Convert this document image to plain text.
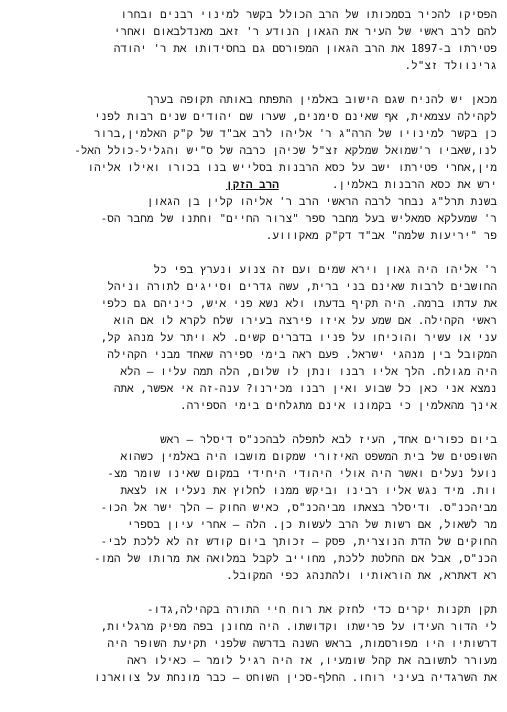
הפסיקו להכיר בסמכותו של הרב הכולל בקשר למינוי רבנים ובחרו
להם לרב ראשי של העיר את הגאון הנודע ר' זאב מאנדלבאום ואחרי
פטירתו ב-1897 את הרב הגאון המפורסם גם בחסידותו את ר' יהודה
גרינוולד זצ"ל.
מכאן יש להניח שגם הישוב באלמין התפתח באותה תקופה בערך
לקהילה עצמאית, אף שאינם סימנים, שערו שם יהודים שנים רבות לפני
כן בקשר למינויו של הרה"ג ר' אליהו לרב אב"ד של ק"ק האלמין,ברור
לנו,שאביו ר'שמואל שמלקא זצ"ל שכיהן כרבה של ס"יש והגליל-כולל האל-
מין,אחרי פטירתו ישב על כסא הרבנות בסלייש בנו בכורו ואילו אליהו
ירש את כסא הרבנות באלמין.        הרב הזקן
בשנת תרל"ג נבחר לרבה הראשי הרב ר' אליהו קלין בן הגאון
ר' שמעלקא סמאליש בעל מחבר ספר "צרור החיים" וחתנו של מחבר הס-
פר "יריעות שלמה" אב"ד דק"ק מאקוווע.
ר' אליהו היה גאון וירא שמים ועם זה צנוע ונערץ בפי כל
החושבים לרבות שאינם בני ברית, עשה גדרים וסייגים לתורה וניהל
את עדתו ברמה. היה תקיף בדעתו ולא נשא פני איש, כיניהם גם כלפי
ראשי הקהילה. אם שמע על איזו פירצה בעירו שלח לקרא לו אם הוא
עני או עשיר והוכיחו על פניו בדברים קשים. לא ויתר על מנהג קל,
המקובל בין מנהגי ישראל. פעם ראה בימי ספירה שאחד מבני הקהילה
היה מגולח. הלך אליו רבנו ונתן לו שלום, הלה תמה עליו – הלא
נמצא אני כאן כל שבוע ואין רבנו מכירנו? ענה-זה אי אפשר, אתה
אינך מהאלמין כי בקמונו אינם מתגלחים בימי הספירה.
ביום כפורים אחד, העיז לבא לתפלה לבהכנ"ס דיסלר – ראש
השופטים של בית המשפט האיזורי שמקום מושבו היה באלמין כשהוא
נועל נעלים ואשר היה אולי היהודי היחידי במקום שאינו שומר מצ-
וות. מיד נגש אליו רבינו וביקש ממנו לחלוץ את נעליו או לצאת
מביהכנ"ס. ודיסלר בצאתו מביהכנ"ס, כאיש החוק – הלך ישר אל הכו-
מר לשאול, אם רשות של הרב לעשות כן. הלה – אחרי עיון בספרי
החוקים של הדת הנוצרית, פסק – זכותך ביום קודש זה לא ללכת לבי-
הכנ"ס, אבל אם החלטת ללכת, מחוייב לקבל במלואה את מרותו של המו-
רא דאתרא, את הוראותיו ולהתנהג כפי המקובל.
תקן תקנות יקרים כדי לחזק את רוח חיי התורה בקהילה,גדו-
לי הדור העידו על פרישתו וקדושתו. היה מחונן בפה מפיק מרגליות,
דרשותיו היו מפורסמות, בראש השנה בדרשה שלפני תקיעת השופר היה
מעורר לתשובה את קהל שומעיו, אז היה רגיל לומר – כאילו ראה
את השרגדיה בעיני רוחו. החלף-סכין השוחט – כבר מונחת על צווארנו
